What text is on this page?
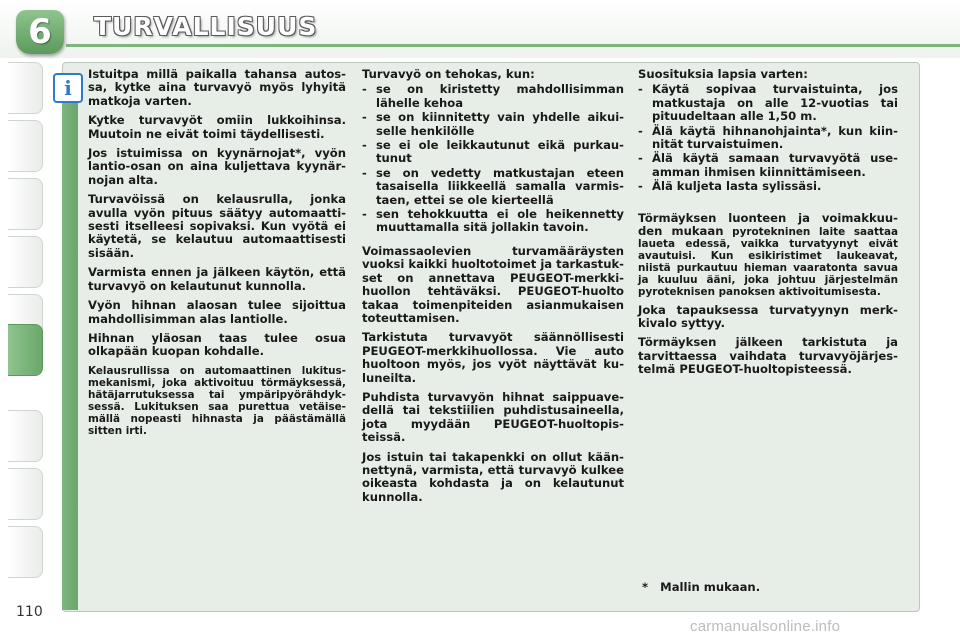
6	TURVALLISUUS
i

Istuitpa millä paikalla tahansa autos-sa, kytke aina turvavyö myös lyhyitä matkoja varten.

Kytke turvavyöt omiin lukkoihinsa. Muutoin ne eivät toimi täydellisesti.

Jos istuimissa on kyynärnojat*, vyön lantio-osan on aina kuljettava kyynär-nojan alta.

Turvavöissä on kelausrulla, jonka avulla vyön pituus säätyy automaatti-sesti itselleesi sopivaksi. Kun vyötä ei käytetä, se kelautuu automaattisesti sisään.

Varmista ennen ja jälkeen käytön, että turvavyö on kelautunut kunnolla.

Vyön hihnan alaosan tulee sijoittua mahdollisimman alas lantiolle.

Hihnan yläosan taas tulee osua olkapään kuopan kohdalle.

Kelausrullissa on automaattinen lukitus-mekanismi, joka aktivoituu törmäyksessä, hätäjarrutuksessa tai ympäripyörähdyk-sessä. Lukituksen saa purettua vetäise-mällä nopeasti hihnasta ja päästämällä sitten irti.

Turvavyö on tehokas, kun:

- se on kiristetty mahdollisimman lähelle kehoa
- se on kiinnitetty vain yhdelle aikui-selle henkilölle
- se ei ole leikkautunut eikä purkau-tunut
- se on vedetty matkustajan eteen tasaisella liikkeellä samalla varmis-taen, ettei se ole kierteellä
- sen tehokkuutta ei ole heikennetty muuttamalla sitä jollakin tavoin.

Voimassaolevien turvamääräysten vuoksi kaikki huoltotoimet ja tarkastuk-set on annettava PEUGEOT-merkki-huollon tehtäväksi. PEUGEOT-huolto takaa toimenpiteiden asianmukaisen toteuttamisen.

Tarkistuta turvavyöt säännöllisesti PEUGEOT-merkkihuollossa. Vie auto huoltoon myös, jos vyöt näyttävät ku-luneilta.

Puhdista turvavyön hihnat saippuave-dellä tai tekstiilien puhdistusaineella, jota myydään PEUGEOT-huoltopis-teissä.

Jos istuin tai takapenkki on ollut kään-nettynä, varmista, että turvavyö kulkee oikeasta kohdasta ja on kelautunut kunnolla.

Suosituksia lapsia varten:

- Käytä sopivaa turvaistuinta, jos matkustaja on alle 12-vuotias tai pituudeltaan alle 1,50 m.
- Älä käytä hihnanohjainta*, kun kiin-nität turvaistuimen.
- Älä käytä samaan turvavyötä use-amman ihmisen kiinnittämiseen.
- Älä kuljeta lasta sylissäsi.

Törmäyksen luonteen ja voimakkuu-den mukaan pyrotekninen laite saattaa laueta edessä, vaikka turvatyynyt eivät avautuisi. Kun esikiristimet laukeavat, niistä purkautuu hieman vaaratonta savua ja kuuluu ääni, joka johtuu järjestelmän pyroteknisen panoksen aktivoitumisesta.

Joka tapauksessa turvatyynyn merk-kivalo syttyy.

Törmäyksen jälkeen tarkistuta ja tarvittaessa vaihdata turvavyöjärjes-telmä PEUGEOT-huoltopisteessä.

*   Mallin mukaan.
110
carmanualsonline.info
